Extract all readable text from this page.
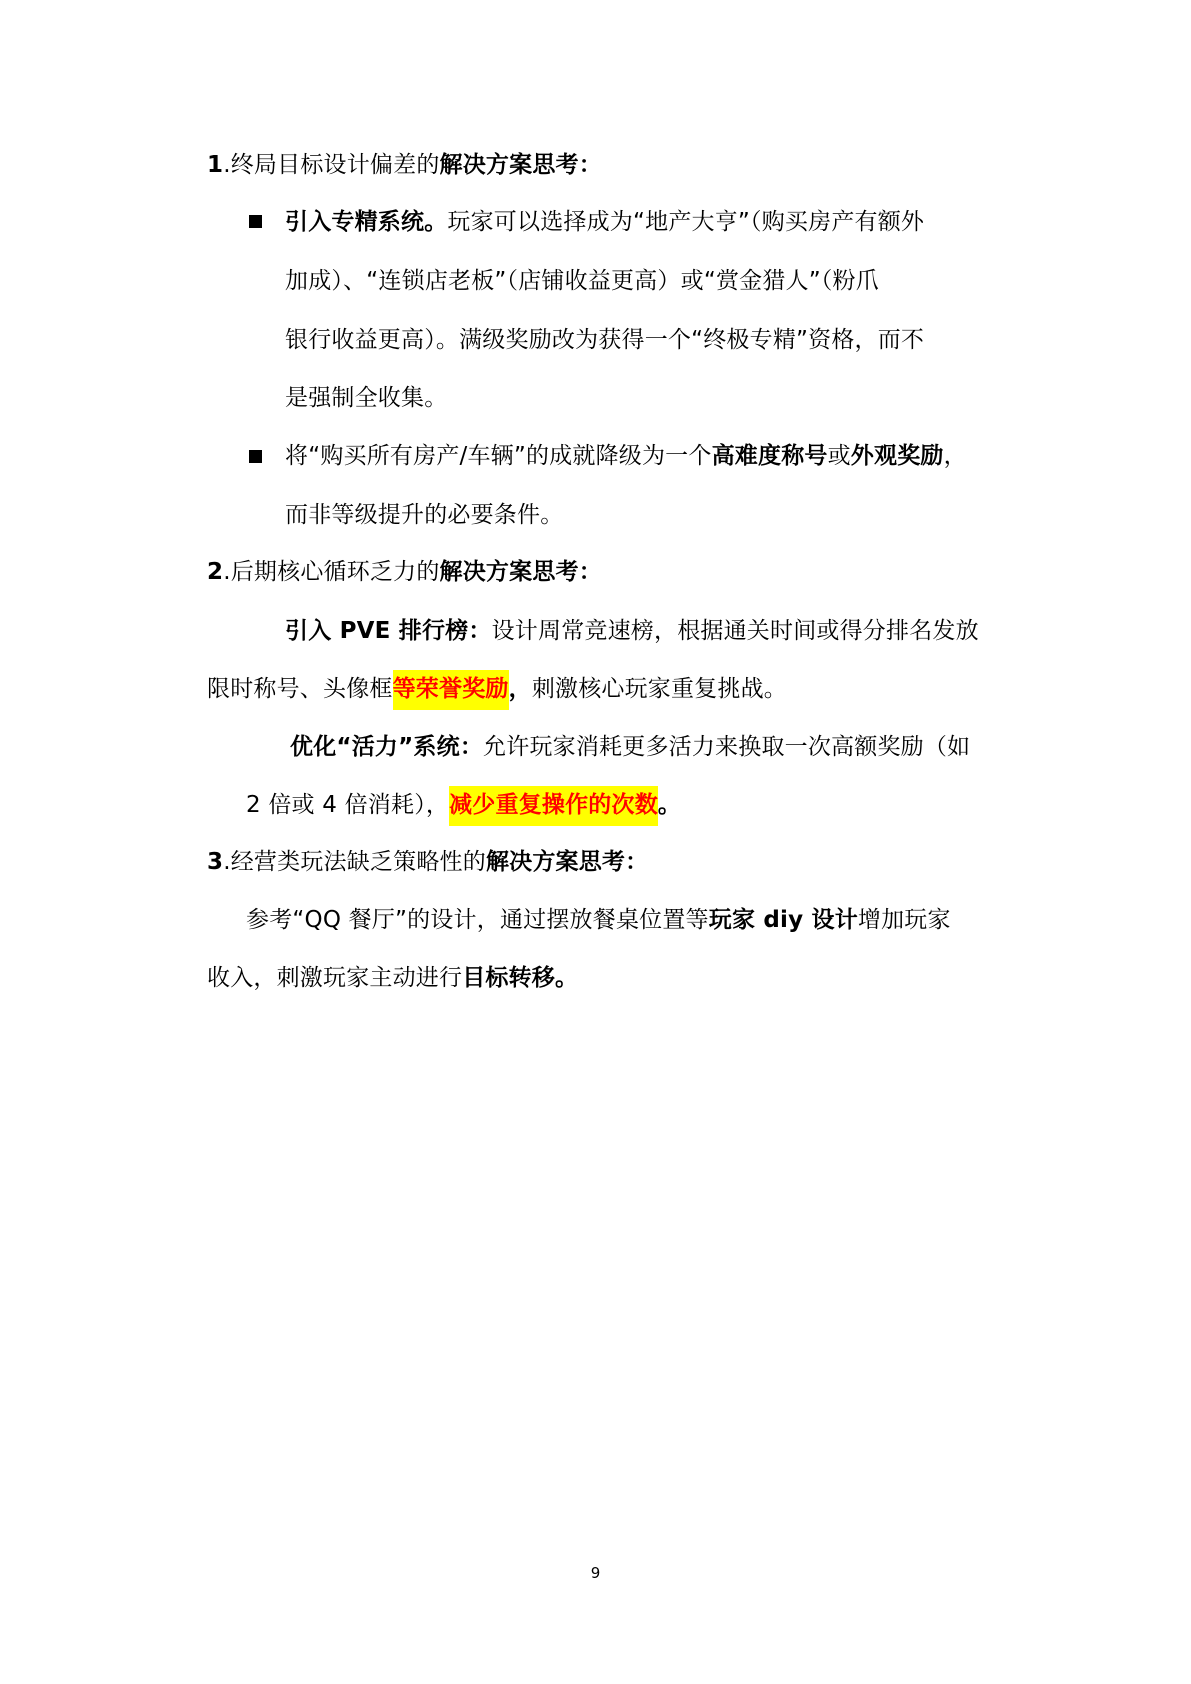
1.终局目标设计偏差的解决方案思考：
引入专精系统。玩家可以选择成为“地产大亨”（购买房产有额外
加成）、“连锁店老板”（店铺收益更高）或“赏金猎人”（粉爪
银行收益更高）。满级奖励改为获得一个“终极专精”资格，而不
是强制全收集。
将“购买所有房产/车辆”的成就降级为一个高难度称号或外观奖励，
而非等级提升的必要条件。
2.后期核心循环乏力的解决方案思考：
引入 PVE 排行榜：设计周常竞速榜，根据通关时间或得分排名发放
限时称号、头像框等荣誉奖励，刺激核心玩家重复挑战。
优化“活力”系统：允许玩家消耗更多活力来换取一次高额奖励（如
2 倍或 4 倍消耗），减少重复操作的次数。
3.经营类玩法缺乏策略性的解决方案思考：
参考“QQ 餐厅”的设计，通过摆放餐桌位置等玩家 diy 设计增加玩家
收入，刺激玩家主动进行目标转移。
9
